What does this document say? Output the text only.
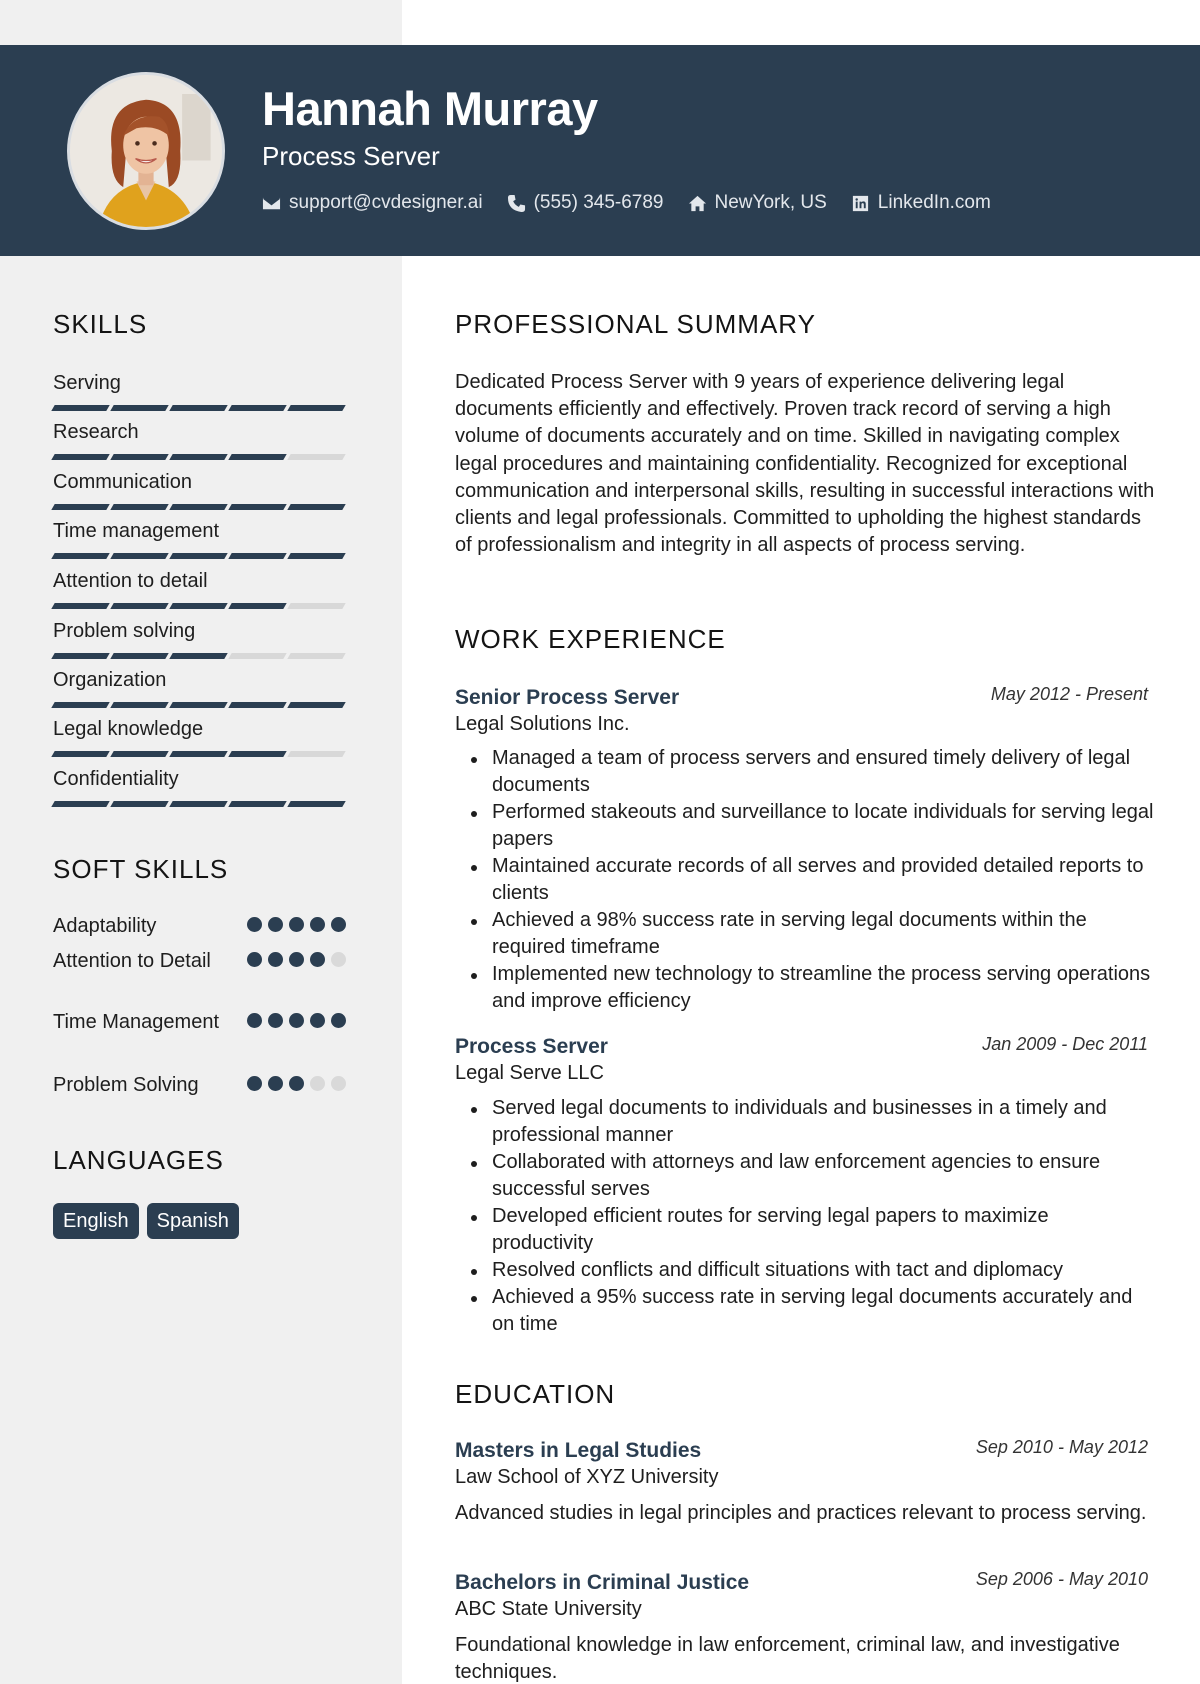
Hannah Murray
Process Server
support@cvdesigner.ai	(555) 345-6789	NewYork, US	LinkedIn.com
SKILLS
Serving
Research
Communication
Time management
Attention to detail
Problem solving
Organization
Legal knowledge
Confidentiality
SOFT SKILLS
Adaptability
Attention to Detail
Time Management
Problem Solving
LANGUAGES
English	Spanish
PROFESSIONAL SUMMARY
Dedicated Process Server with 9 years of experience delivering legal documents efficiently and effectively. Proven track record of serving a high volume of documents accurately and on time. Skilled in navigating complex legal procedures and maintaining confidentiality. Recognized for exceptional communication and interpersonal skills, resulting in successful interactions with clients and legal professionals. Committed to upholding the highest standards of professionalism and integrity in all aspects of process serving.
WORK EXPERIENCE
Senior Process Server	May 2012 - Present
Legal Solutions Inc.
Managed a team of process servers and ensured timely delivery of legal documents
Performed stakeouts and surveillance to locate individuals for serving legal papers
Maintained accurate records of all serves and provided detailed reports to clients
Achieved a 98% success rate in serving legal documents within the required timeframe
Implemented new technology to streamline the process serving operations and improve efficiency
Process Server	Jan 2009 - Dec 2011
Legal Serve LLC
Served legal documents to individuals and businesses in a timely and professional manner
Collaborated with attorneys and law enforcement agencies to ensure successful serves
Developed efficient routes for serving legal papers to maximize productivity
Resolved conflicts and difficult situations with tact and diplomacy
Achieved a 95% success rate in serving legal documents accurately and on time
EDUCATION
Masters in Legal Studies	Sep 2010 - May 2012
Law School of XYZ University
Advanced studies in legal principles and practices relevant to process serving.
Bachelors in Criminal Justice	Sep 2006 - May 2010
ABC State University
Foundational knowledge in law enforcement, criminal law, and investigative techniques.
